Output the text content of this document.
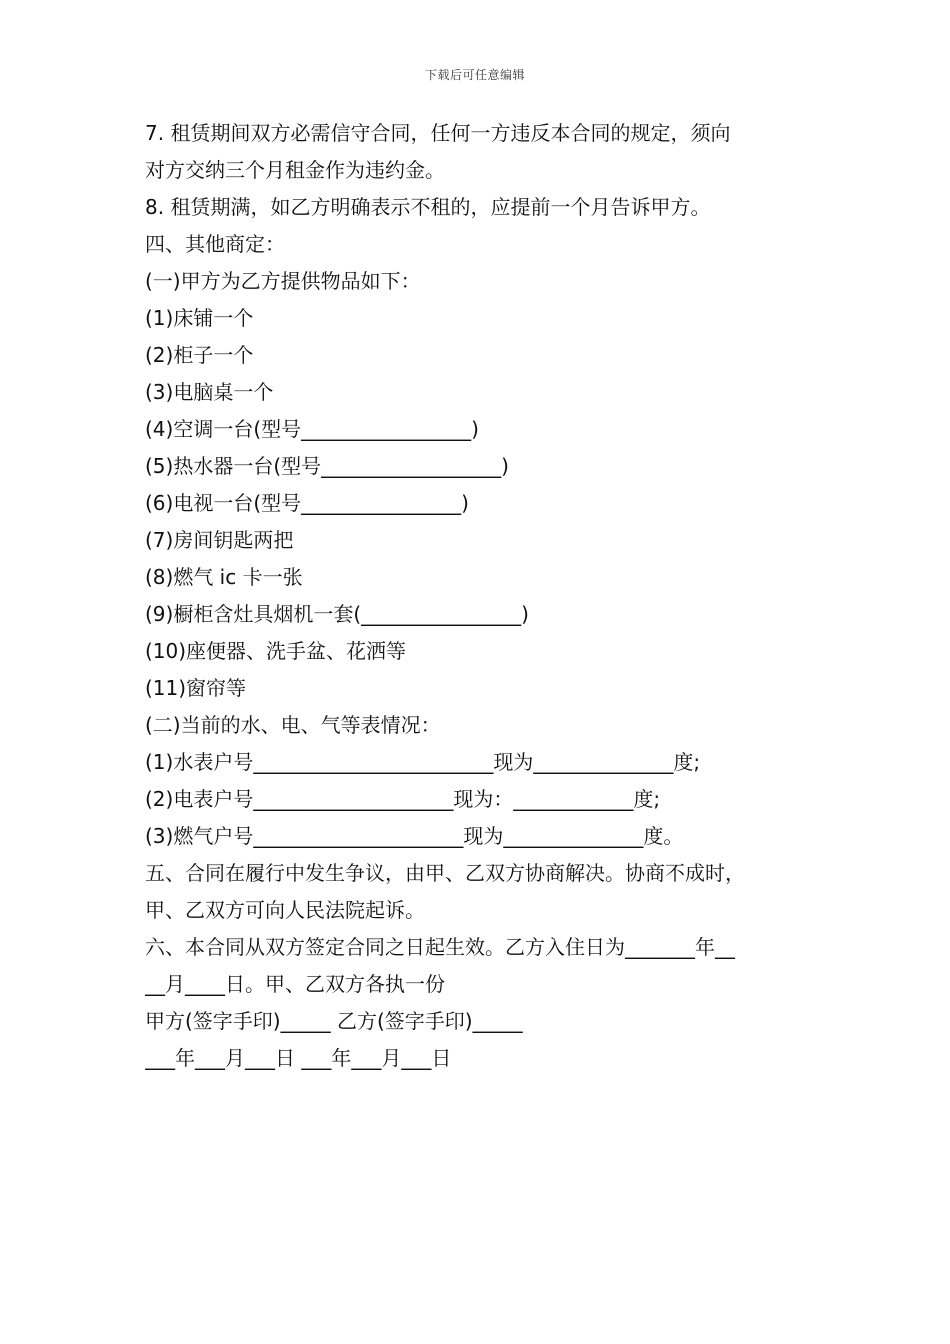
下载后可任意编辑
7. 租赁期间双方必需信守合同，任何一方违反本合同的规定，须向
对方交纳三个月租金作为违约金。
8. 租赁期满，如乙方明确表示不租的，应提前一个月告诉甲方。
四、其他商定：
(一)甲方为乙方提供物品如下：
(1)床铺一个
(2)柜子一个
(3)电脑桌一个
(4)空调一台(型号_________________)
(5)热水器一台(型号__________________)
(6)电视一台(型号________________)
(7)房间钥匙两把
(8)燃气 ic 卡一张
(9)橱柜含灶具烟机一套(________________)
(10)座便器、洗手盆、花洒等
(11)窗帘等
(二)当前的水、电、气等表情况：
(1)水表户号________________________现为______________度;
(2)电表户号____________________现为：____________度;
(3)燃气户号_____________________现为______________度。
五、合同在履行中发生争议，由甲、乙双方协商解决。协商不成时，
甲、乙双方可向人民法院起诉。
六、本合同从双方签定合同之日起生效。乙方入住日为_______年__
__月____日。甲、乙双方各执一份
甲方(签字手印)_____ 乙方(签字手印)_____
___年___月___日 ___年___月___日
